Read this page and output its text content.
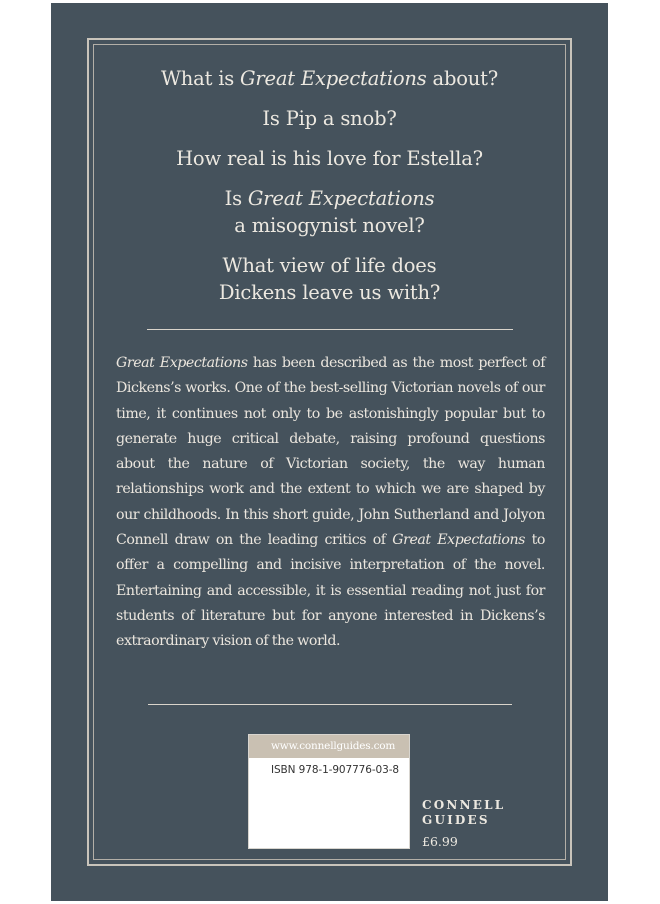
What is Great Expectations about?

Is Pip a snob?

How real is his love for Estella?

Is Great Expectations
a misogynist novel?

What view of life does
Dickens leave us with?

Great Expectations has been described as the most perfect of Dickens’s works. One of the best-selling Victorian novels of our time, it continues not only to be astonishingly popular but to generate huge critical debate, raising profound questions about the nature of Victorian society, the way human relationships work and the extent to which we are shaped by our childhoods. In this short guide, John Sutherland and Jolyon Connell draw on the leading critics of Great Expectations to offer a compelling and incisive interpretation of the novel. Entertaining and accessible, it is essential reading not just for students of literature but for anyone interested in Dickens’s extraordinary vision of the world.

www.connellguides.com
ISBN 978-1-907776-03-8
CONNELL
GUIDES
£6.99
